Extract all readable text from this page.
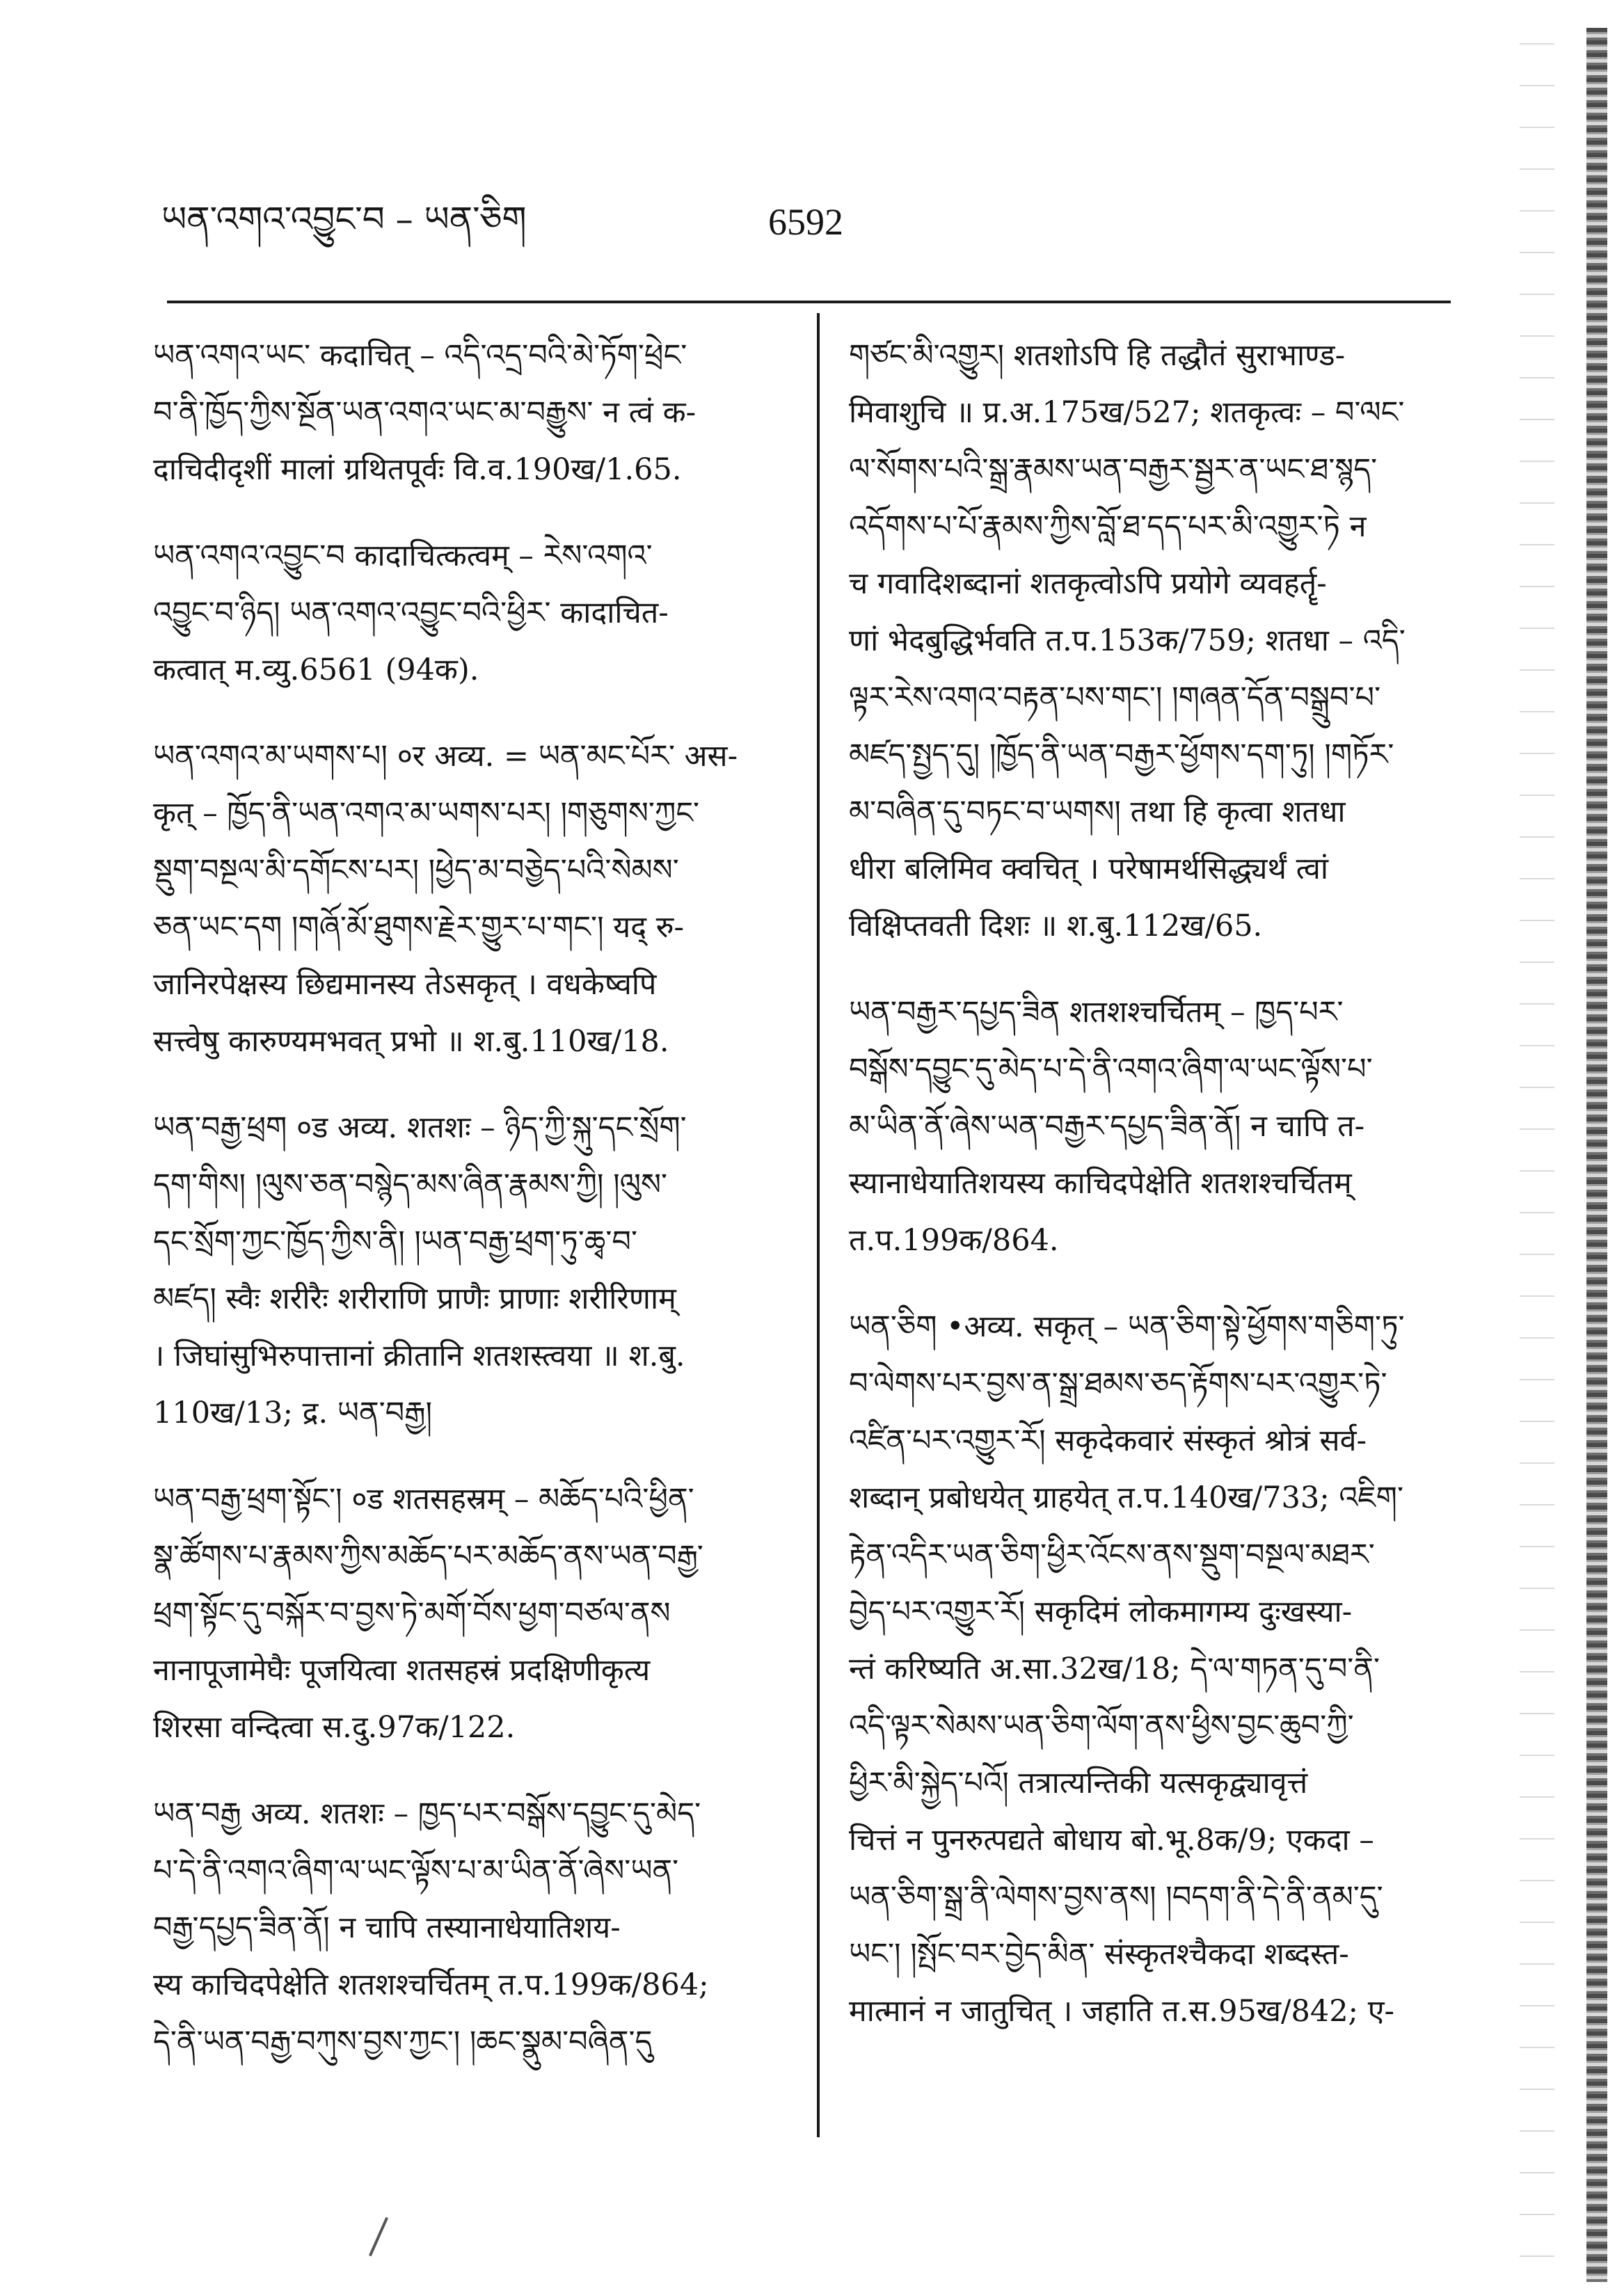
ཡན་འགའ་འབྱུང་བ – ཡན་ཅིག	6592

ཡན་འགའ་ཡང་ कदाचित् – འདི་འདྲ་བའི་མེ་ཏོག་ཕྲེང་

བ་ནི་ཁྱོད་ཀྱིས་སྔོན་ཡན་འགའ་ཡང་མ་བརྒྱུས་ न त्वं क-

दाचिदीदृशीं मालां ग्रथितपूर्वः वि.व.190ख/1.65.

ཡན་འགའ་འབྱུང་བ कादाचित्कत्वम् – རེས་འགའ་

འབྱུང་བ་ཉིད། ཡན་འགའ་འབྱུང་བའི་ཕྱིར་ कादाचित-

कत्वात् म.व्यु.6561 (94क).

ཡན་འགའ་མ་ཡགས་པ། ०र अव्य. = ཡན་མང་པོར་ अस-

कृत् – ཁྱོད་ནི་ཡན་འགའ་མ་ཡགས་པར། །གཅུགས་ཀྱང་

སྡུག་བསྔལ་མི་དགོངས་པར། །ཕྱེད་མ་བཅྱེད་པའི་སེམས་

ཅན་ཡང་དག །གཞོ་མོ་ཐུགས་རྗེར་གྱུར་པ་གང་། यद् रु-

जानिरपेक्षस्य छिद्यमानस्य तेऽसकृत् । वधकेष्वपि

सत्त्वेषु कारुण्यमभवत् प्रभो ॥ श.बु.110ख/18.

ཡན་བརྒྱ་ཕྲག ०ड अव्य. शतशः – ཉིད་ཀྱི་སྐུ་དང་སྲོག་

དག་གིས། །ལུས་ཅན་བསྙེད་མས་ཞིན་རྣམས་ཀྱི། །ལུས་

དང་སྲོག་ཀྱང་ཁྱོད་ཀྱིས་ནི། །ཡན་བརྒྱ་ཕྲག་ཏུ་ཆྭ་བ་

མཛད། स्वैः शरीरैः शरीराणि प्राणैः प्राणाः शरीरिणाम्

। जिघांसुभिरुपात्तानां क्रीतानि शतशस्त्वया ॥ श.बु.

110ख/13; द्र. ཡན་བརྒྱ།

ཡན་བརྒྱ་ཕྲག་སྟོང་། ०ड शतसहस्रम् – མཆོད་པའི་ཕྱིན་

སྣ་ཚོགས་པ་རྣམས་ཀྱིས་མཆོད་པར་མཆོད་ནས་ཡན་བརྒྱ་

ཕྲག་སྟོང་དུ་བསྐོར་བ་བྱས་ཏེ་མགོ་བོས་ཕྱག་བཙལ་ནས

नानापूजामेघैः पूजयित्वा शतसहस्रं प्रदक्षिणीकृत्य

शिरसा वन्दित्वा स.दु.97क/122.

ཡན་བརྒྱ अव्य. शतशः – ཁྱད་པར་བསྒོས་དབྱུང་དུ་མེད་

པ་དེ་ནི་འགའ་ཞིག་ལ་ཡང་ལྟོས་པ་མ་ཡིན་ནོ་ཞེས་ཡན་

བརྒྱ་དཔྱད་ཟིན་ནོ། न चापि तस्यानाधेयातिशय-

स्य काचिदपेक्षेति शतशश्चर्चितम् त.प.199क/864;

དེ་ནི་ཡན་བརྒྱ་བཀུས་བྱས་ཀྱང་། །ཆང་སྣུམ་བཞིན་དུ

གཙང་མི་འགྱུར། शतशोऽपि हि तद्धौतं सुराभाण्ड-

मिवाशुचि ॥ प्र.अ.175ख/527; शतकृत्वः – བ་ལང་

ལ་སོགས་པའི་སྒྲ་རྣམས་ཡན་བརྒྱར་སྦྱར་ན་ཡང་ཐ་སྙད་

འདོགས་པ་པོ་རྣམས་ཀྱིས་བློ་ཐ་དད་པར་མི་འགྱུར་ཏེ न

च गवादिशब्दानां शतकृत्वोऽपि प्रयोगे व्यवहर्तॄ-

णां भेदबुद्धिर्भवति त.प.153क/759; शतधा – འདི་

ལྟར་རེས་འགའ་བརྟན་པས་གང་། །གཞན་དོན་བསྒྲུབ་པ་

མཛད་སྤྱད་དུ། །ཁྱོད་ནི་ཡན་བརྒྱར་ཕྱོགས་དག་ཏུ། །གཏོར་

མ་བཞིན་དུ་བཏང་བ་ཡགས། तथा हि कृत्वा शतधा

धीरा बलिमिव क्वचित् । परेषामर्थसिद्ध्यर्थं त्वां

विक्षिप्तवती दिशः ॥ श.बु.112ख/65.

ཡན་བརྒྱར་དཔྱད་ཟིན शतशश्चर्चितम् – ཁྱད་པར་

བསྒོས་དབྱུང་དུ་མེད་པ་དེ་ནི་འགའ་ཞིག་ལ་ཡང་ལྟོས་པ་

མ་ཡིན་ནོ་ཞེས་ཡན་བརྒྱར་དཔྱད་ཟིན་ནོ། न चापि त-

स्यानाधेयातिशयस्य काचिदपेक्षेति शतशश्चर्चितम्

त.प.199क/864.

ཡན་ཅིག •अव्य. सकृत् – ཡན་ཅིག་སྟེ་ཕྱོགས་གཅིག་ཏུ་

བ་ལེགས་པར་བྱས་ན་སྒྲ་ཐམས་ཅད་རྟོགས་པར་འགྱུར་ཏེ་

འཛིན་པར་འགྱུར་རོ། सकृदेकवारं संस्कृतं श्रोत्रं सर्व-

शब्दान् प्रबोधयेत् ग्राहयेत् त.प.140ख/733; འཇིག་

རྟེན་འདིར་ཡན་ཅིག་ཕྱིར་འོངས་ནས་སྡུག་བསྔལ་མཐར་

བྱེད་པར་འགྱུར་རོ། सकृदिमं लोकमागम्य दुःखस्या-

न्तं करिष्यति अ.सा.32ख/18; དེ་ལ་གཏན་དུ་བ་ནི་

འདི་ལྟར་སེམས་ཡན་ཅིག་ལོག་ནས་ཕྱིས་བྱང་ཆུབ་ཀྱི་

ཕྱིར་མི་སྐྱེད་པའོ། तत्रात्यन्तिकी यत्सकृद्व्यावृत्तं

चित्तं न पुनरुत्पद्यते बोधाय बो.भू.8क/9; एकदा –

ཡན་ཅིག་སྒྲ་ནི་ལེགས་བྱས་ནས། །བདག་ནི་དེ་ནི་ནམ་དུ་

ཡང་། །སྤོང་བར་བྱེད་མིན་ संस्कृतश्चैकदा शब्दस्त-

मात्मानं न जातुचित् । जहाति त.स.95ख/842; ए-
